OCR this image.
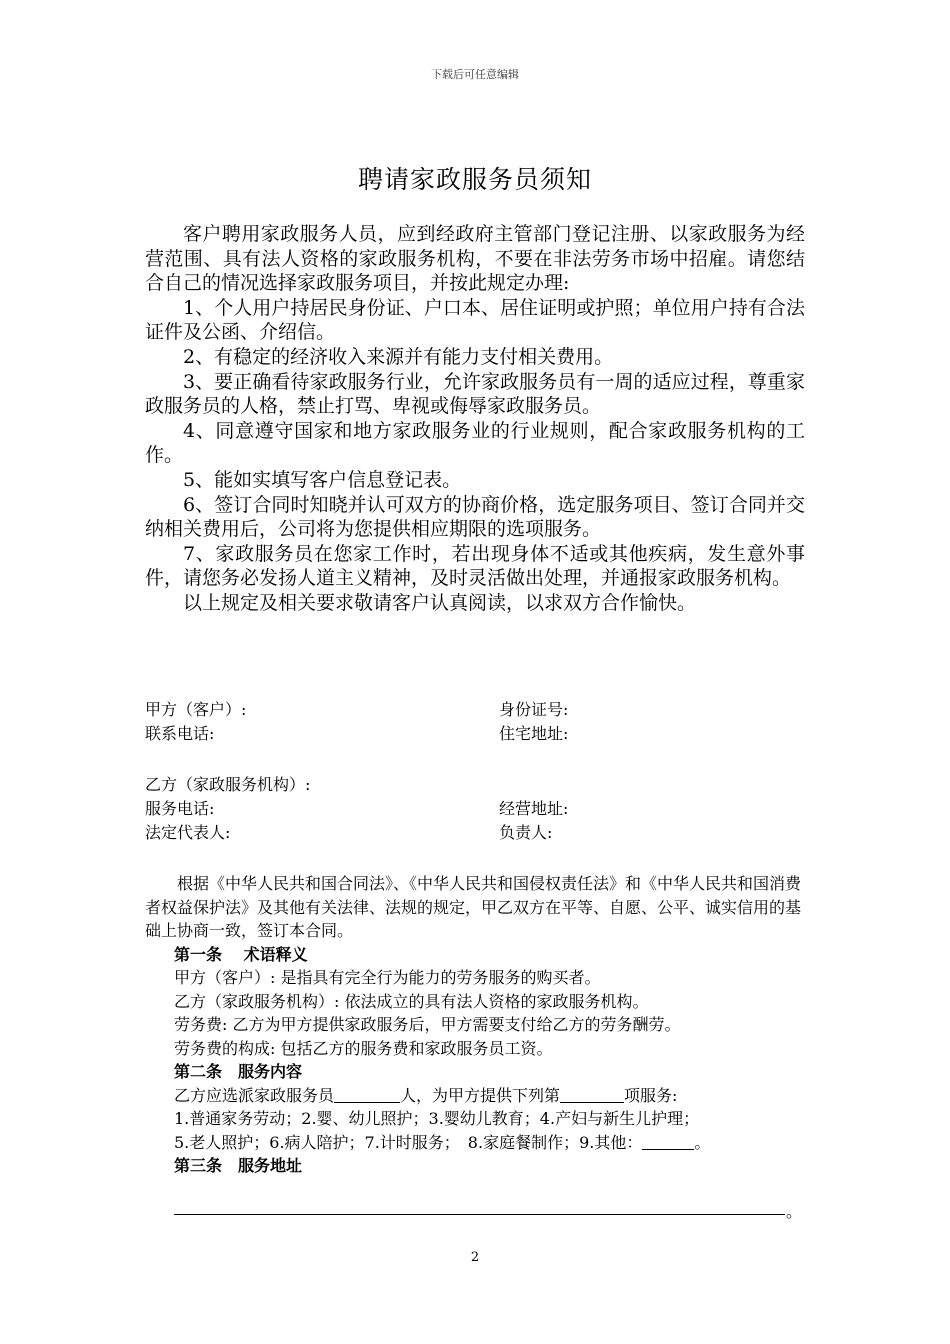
下载后可任意编辑
聘请家政服务员须知

客户聘用家政服务人员，应到经政府主管部门登记注册、以家政服务为经营范围、具有法人资格的家政服务机构，不要在非法劳务市场中招雇。请您结合自己的情况选择家政服务项目，并按此规定办理:

1、个人用户持居民身份证、户口本、居住证明或护照；单位用户持有合法证件及公函、介绍信。

2、有稳定的经济收入来源并有能力支付相关费用。

3、要正确看待家政服务行业，允许家政服务员有一周的适应过程，尊重家政服务员的人格，禁止打骂、卑视或侮辱家政服务员。

4、同意遵守国家和地方家政服务业的行业规则，配合家政服务机构的工作。

5、能如实填写客户信息登记表。

6、签订合同时知晓并认可双方的协商价格，选定服务项目、签订合同并交纳相关费用后，公司将为您提供相应期限的选项服务。

7、家政服务员在您家工作时，若出现身体不适或其他疾病，发生意外事件，请您务必发扬人道主义精神，及时灵活做出处理，并通报家政服务机构。

以上规定及相关要求敬请客户认真阅读，以求双方合作愉快。

甲方（客户）:	身份证号:
联系电话:	住宅地址:
乙方（家政服务机构）:
服务电话:	经营地址:
法定代表人:	负责人:

根据《中华人民共和国合同法》、《中华人民共和国侵权责任法》和《中华人民共和国消费者权益保护法》及其他有关法律、法规的规定，甲乙双方在平等、自愿、公平、诚实信用的基础上协商一致，签订本合同。

第一条　 术语释义

甲方（客户）: 是指具有完全行为能力的劳务服务的购买者。

乙方（家政服务机构）: 依法成立的具有法人资格的家政服务机构。

劳务费: 乙方为甲方提供家政服务后，甲方需要支付给乙方的劳务酬劳。

劳务费的构成: 包括乙方的服务费和家政服务员工资。

第二条　服务内容

乙方应选派家政服务员	人，为甲方提供下列第	项服务:

1.普通家务劳动；2.婴、幼儿照护；3.婴幼儿教育；4.产妇与新生儿护理；

5.老人照护；6.病人陪护；7.计时服务；　8.家庭餐制作；9.其他：	。

第三条　服务地址

。
2
